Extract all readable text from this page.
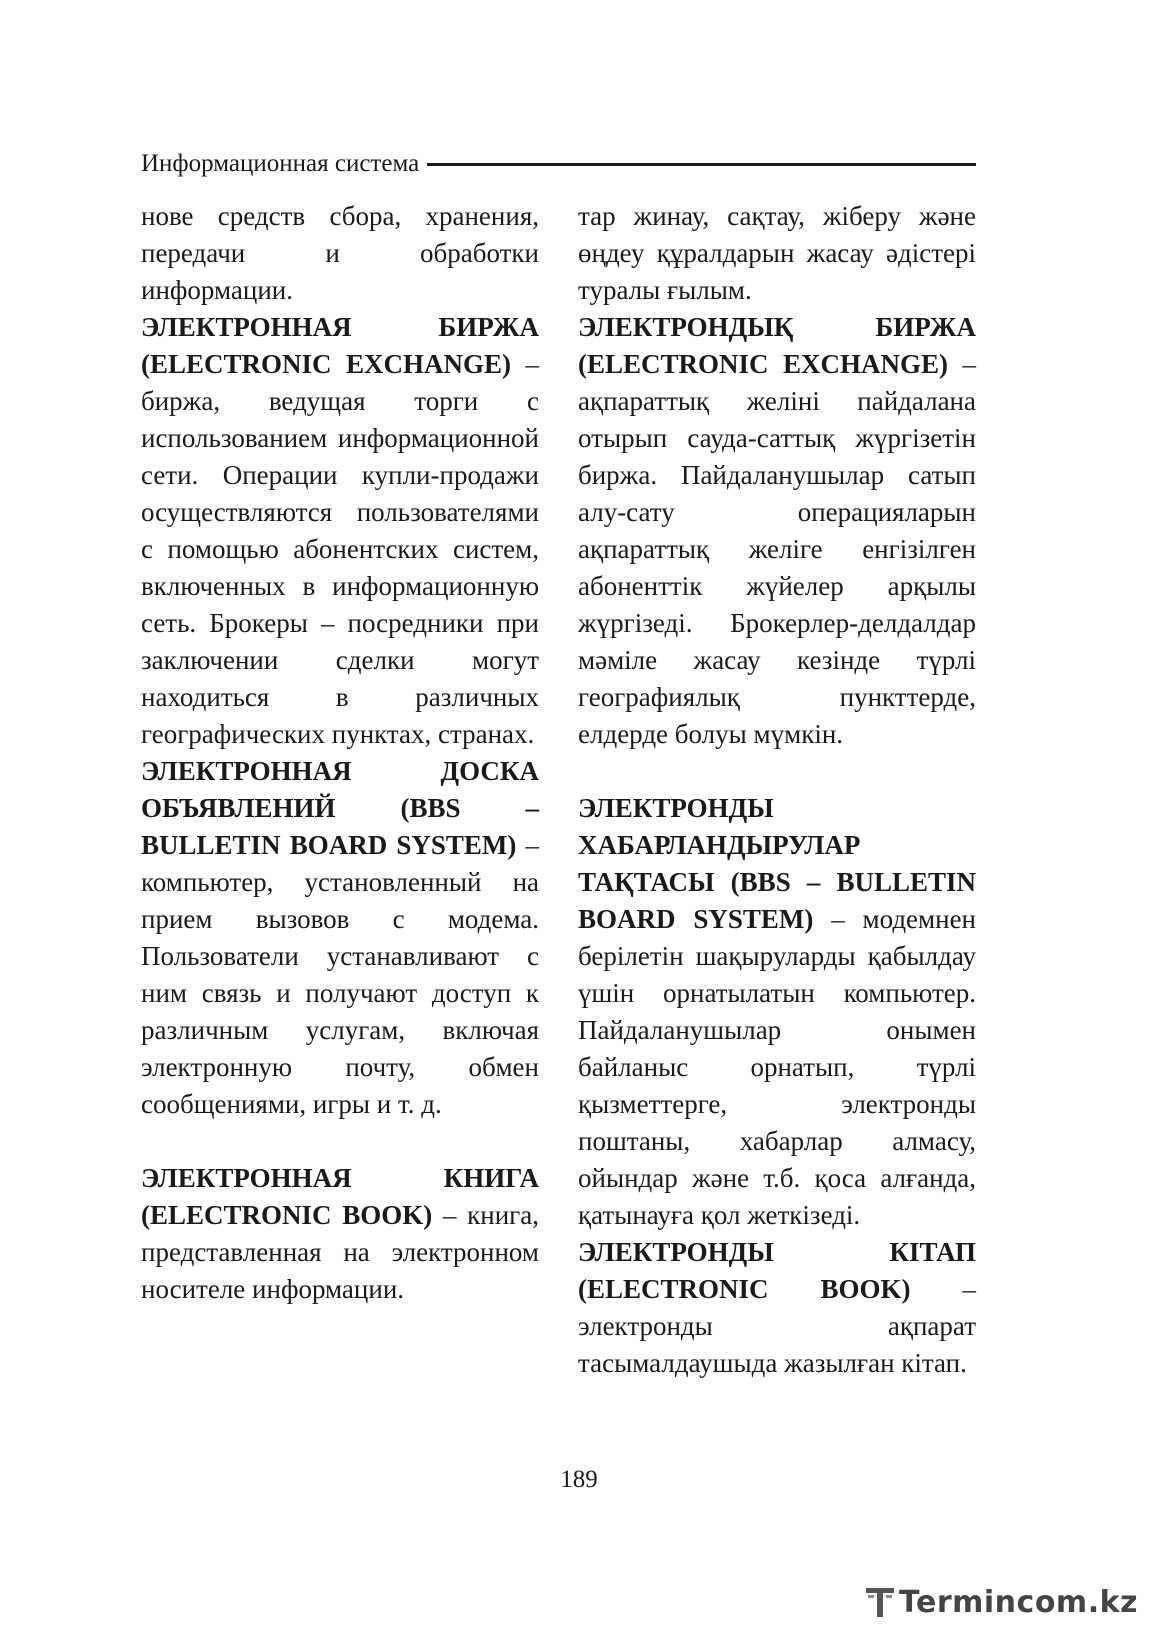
Информационная система

нове средств сбора, хранения, передачи и обработки информации.

ЭЛЕКТРОННАЯ БИРЖА (ELECTRONIC EXCHANGE) – биржа, ведущая торги с использованием информационной сети. Операции купли-продажи осуществляются пользователями с помощью абонентских систем, включенных в информационную сеть. Брокеры – посредники при заключении сделки могут находиться в различных географических пунктах, странах.

ЭЛЕКТРОННАЯ ДОСКА ОБЪЯВЛЕНИЙ (BBS – BULLETIN BOARD SYSTEM) – компьютер, установленный на прием вызовов с модема. Пользователи устанавливают с ним связь и получают доступ к различным услугам, включая электронную почту, обмен сообщениями, игры и т. д.

ЭЛЕКТРОННАЯ КНИГА (ELECTRONIC BOOK) – книга, представленная на электронном носителе информации.

тар жинау, сақтау, жіберу және өңдеу құралдарын жасау әдістері туралы ғылым.

ЭЛЕКТРОНДЫҚ БИРЖА (ELECTRONIC EXCHANGE) – ақпараттық желіні пайдалана отырып сауда-саттық жүргізетін биржа. Пайдаланушылар сатып алу-сату операцияларын ақпараттық желіге енгізілген абоненттік жүйелер арқылы жүргізеді. Брокерлер-делдалдар мәміле жасау кезінде түрлі географиялық пункттерде, елдерде болуы мүмкін.

ЭЛЕКТРОНДЫ ХАБАРЛАНДЫРУЛАР ТАҚТАСЫ (BBS – BULLETIN BOARD SYSTEM) – модемнен берілетін шақыруларды қабылдау үшін орнатылатын компьютер. Пайдаланушылар онымен байланыс орнатып, түрлі қызметтерге, электронды поштаны, хабарлар алмасу, ойындар және т.б. қоса алғанда, қатынауға қол жеткізеді.

ЭЛЕКТРОНДЫ КІТАП (ELECTRONIC BOOK) – электронды ақпарат тасымалдаушыда жазылған кітап.

189
Termincom.kz
